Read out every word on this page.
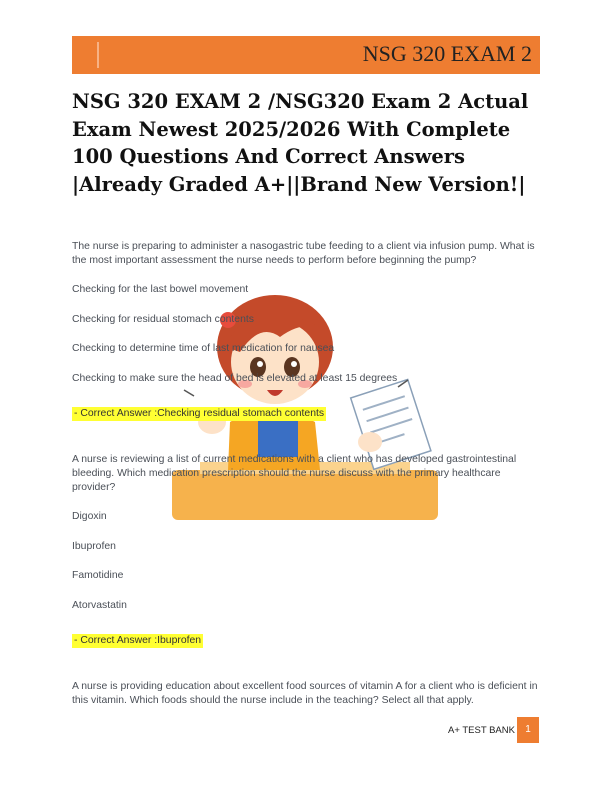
NSG 320 EXAM 2
NSG 320 EXAM 2 /NSG320 Exam 2 Actual Exam Newest 2025/2026 With Complete 100 Questions And Correct Answers |Already Graded A+||Brand New Version!|

The nurse is preparing to administer a nasogastric tube feeding to a client via infusion pump. What is the most important assessment the nurse needs to perform before beginning the pump?

Checking for the last bowel movement

Checking for residual stomach contents

Checking to determine time of last medication for nausea

Checking to make sure the head of bed is elevated at least 15 degrees

- Correct Answer :Checking residual stomach contents

A nurse is reviewing a list of current medications with a client who has developed gastrointestinal bleeding. Which medication prescription should the nurse discuss with the primary healthcare provider?

Digoxin

Ibuprofen

Famotidine

Atorvastatin

- Correct Answer :Ibuprofen

A nurse is providing education about excellent food sources of vitamin A for a client who is deficient in this vitamin. Which foods should the nurse include in the teaching? Select all that apply.

A+ TEST BANK	1
